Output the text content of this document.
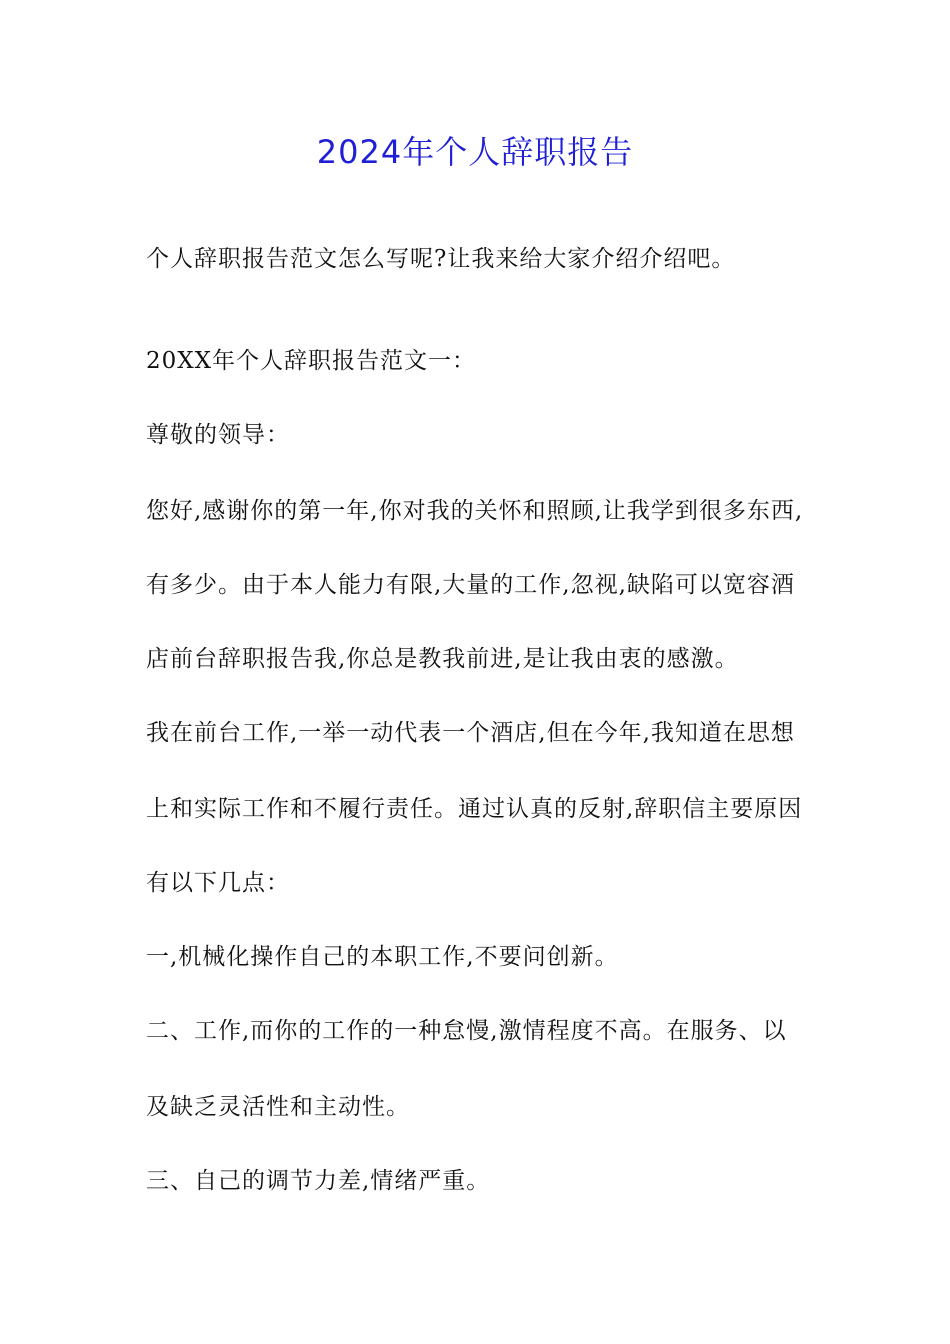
2024年个人辞职报告
个人辞职报告范文怎么写呢?让我来给大家介绍介绍吧。
20XX年个人辞职报告范文一：
尊敬的领导：
您好,感谢你的第一年,你对我的关怀和照顾,让我学到很多东西,
有多少。由于本人能力有限,大量的工作,忽视,缺陷可以宽容酒
店前台辞职报告我,你总是教我前进,是让我由衷的感激。
我在前台工作,一举一动代表一个酒店,但在今年,我知道在思想
上和实际工作和不履行责任。通过认真的反射,辞职信主要原因
有以下几点：
一,机械化操作自己的本职工作,不要问创新。
二、工作,而你的工作的一种怠慢,激情程度不高。在服务、以
及缺乏灵活性和主动性。
三、自己的调节力差,情绪严重。
